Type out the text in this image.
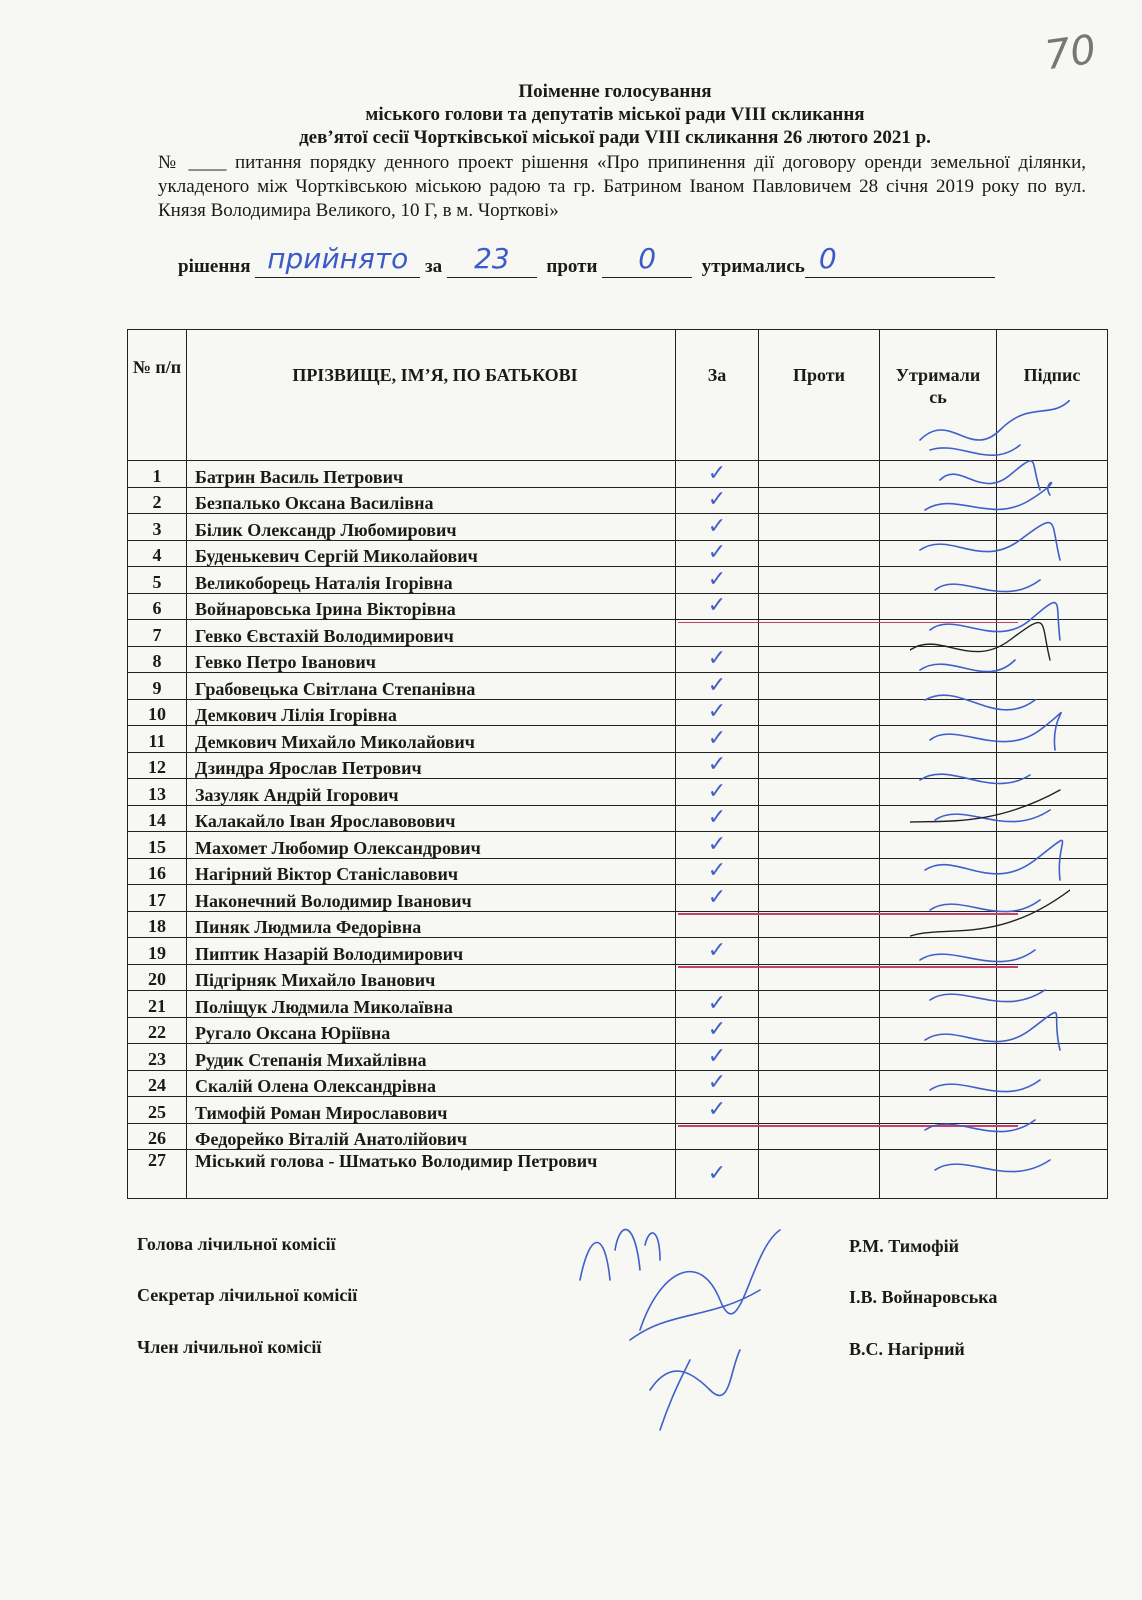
70
Поіменне голосування
міського голови та депутатів міської ради VIII скликання
дев’ятої сесії Чортківської міської ради VIII скликання 26 лютого 2021 р.
№ ____ питання порядку денного проект рішення «Про припинення дії договору оренди земельної ділянки, укладеного між Чортківською міською радою та гр. Батрином Іваном Павловичем 28 січня 2019 року по вул. Князя Володимира Великого, 10 Г, в м. Чорткові»
рішення прийнято за	23	проти	0	утримались 0
№ п/п	ПРІЗВИЩЕ, ІМ’Я, ПО БАТЬКОВІ	За	Проти	Утримались	Підпис
1	Батрин Василь Петрович	✓			

2	Безпалько Оксана Василівна	✓			

3	Білик Олександр Любомирович	✓			

4	Буденькевич Сергій Миколайович	✓			

5	Великоборець Наталія Ігорівна	✓			

6	Войнаровська Ірина Вікторівна	✓			

7	Гевко Євстахій Володимирович	

8	Гевко Петро Іванович	✓			

9	Грабовецька Світлана Степанівна	✓			

10	Демкович Лілія Ігорівна	✓			

11	Демкович Михайло Миколайович	✓			

12	Дзиндра Ярослав Петрович	✓			

13	Зазуляк Андрій Ігорович	✓			

14	Калакайло Іван Ярославовович	✓			

15	Махомет Любомир Олександрович	✓			

16	Нагірний Віктор Станіславович	✓			

17	Наконечний Володимир Іванович	✓			

18	Пиняк Людмила Федорівна	

19	Пиптик Назарій Володимирович	✓			

20	Підгірняк Михайло Іванович	

21	Поліщук Людмила Миколаївна	✓			

22	Ругало Оксана Юріївна	✓			

23	Рудик Степанія Михайлівна	✓			

24	Скалій Олена Олександрівна	✓			

25	Тимофій Роман Мирославович	✓			

26	Федорейко Віталій Анатолійович	

27	Міський голова - Шматько Володимир Петрович	✓			

Голова лічильної комісії	Р.М. Тимофій
Секретар лічильної комісії	І.В. Войнаровська
Член лічильної комісії	В.С. Нагірний
